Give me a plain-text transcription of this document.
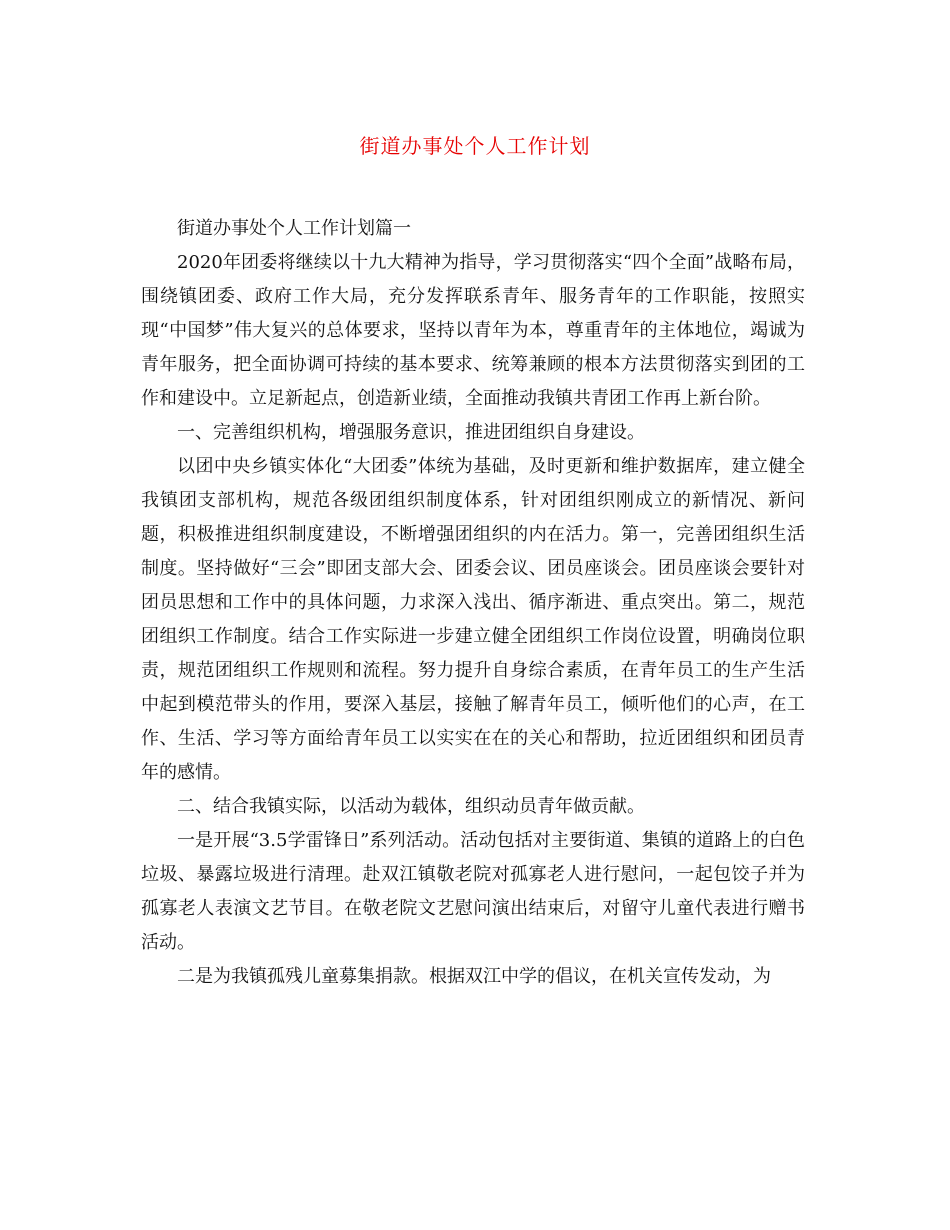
街道办事处个人工作计划

街道办事处个人工作计划篇一

2020年团委将继续以十九大精神为指导，学习贯彻落实“四个全面”战略布局，围绕镇团委、政府工作大局，充分发挥联系青年、服务青年的工作职能，按照实现“中国梦”伟大复兴的总体要求，坚持以青年为本，尊重青年的主体地位，竭诚为青年服务，把全面协调可持续的基本要求、统筹兼顾的根本方法贯彻落实到团的工作和建设中。立足新起点，创造新业绩，全面推动我镇共青团工作再上新台阶。

一、完善组织机构，增强服务意识，推进团组织自身建设。

以团中央乡镇实体化“大团委”体统为基础，及时更新和维护数据库，建立健全我镇团支部机构，规范各级团组织制度体系，针对团组织刚成立的新情况、新问题，积极推进组织制度建设，不断增强团组织的内在活力。第一，完善团组织生活制度。坚持做好“三会”即团支部大会、团委会议、团员座谈会。团员座谈会要针对团员思想和工作中的具体问题，力求深入浅出、循序渐进、重点突出。第二，规范团组织工作制度。结合工作实际进一步建立健全团组织工作岗位设置，明确岗位职责，规范团组织工作规则和流程。努力提升自身综合素质，在青年员工的生产生活中起到模范带头的作用，要深入基层，接触了解青年员工，倾听他们的心声，在工作、生活、学习等方面给青年员工以实实在在的关心和帮助，拉近团组织和团员青年的感情。

二、结合我镇实际，以活动为载体，组织动员青年做贡献。

一是开展“3.5学雷锋日”系列活动。活动包括对主要街道、集镇的道路上的白色垃圾、暴露垃圾进行清理。赴双江镇敬老院对孤寡老人进行慰问，一起包饺子并为孤寡老人表演文艺节目。在敬老院文艺慰问演出结束后，对留守儿童代表进行赠书活动。

二是为我镇孤残儿童募集捐款。根据双江中学的倡议，在机关宣传发动，为
